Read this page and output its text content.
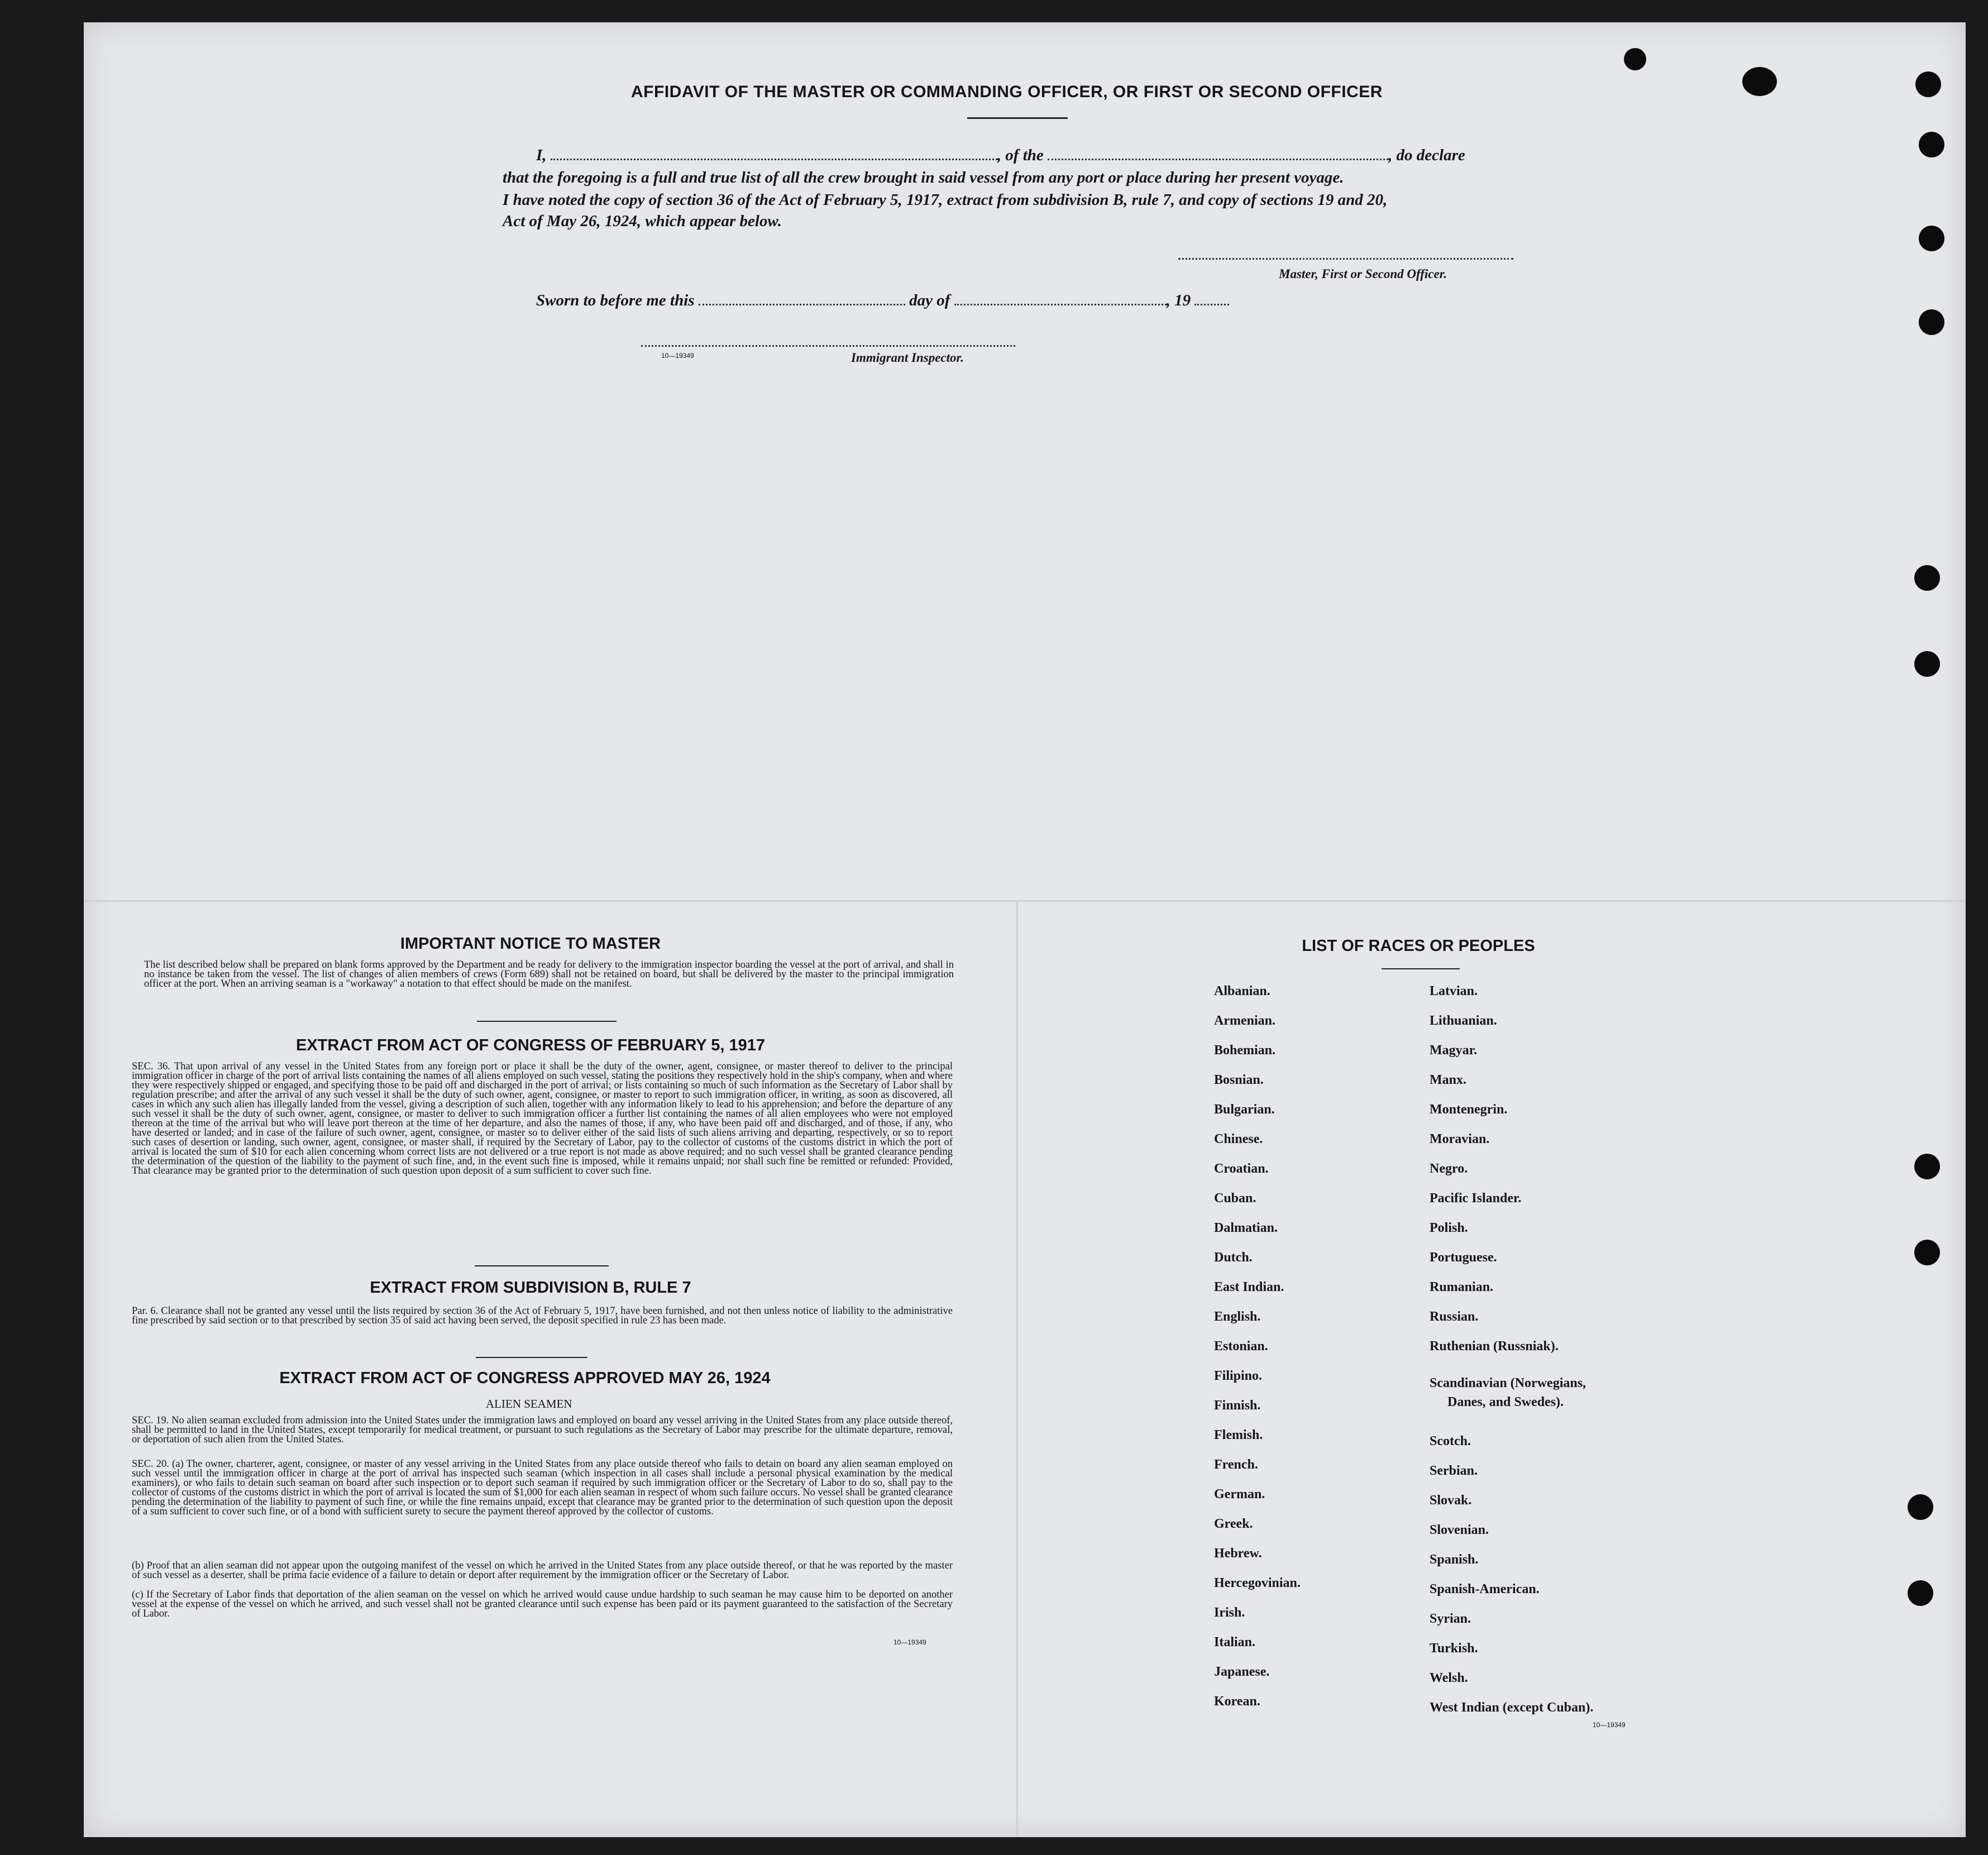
AFFIDAVIT OF THE MASTER OR COMMANDING OFFICER, OR FIRST OR SECOND OFFICER
I,	, of the	, do declare
that the foregoing is a full and true list of all the crew brought in said vessel from any port or place during her present voyage.
I have noted the copy of section 36 of the Act of February 5, 1917, extract from subdivision B, rule 7, and copy of sections 19 and 20,
Act of May 26, 1924, which appear below.
Master, First or Second Officer.
Sworn to before me this	day of	, 19
10—19349	Immigrant Inspector.
IMPORTANT NOTICE TO MASTER
The list described below shall be prepared on blank forms approved by the Department and be ready for delivery to the immigration inspector boarding the vessel at the port of arrival, and shall in no instance be taken from the vessel. The list of changes of alien members of crews (Form 689) shall not be retained on board, but shall be delivered by the master to the principal immigration officer at the port. When an arriving seaman is a "workaway" a notation to that effect should be made on the manifest.
EXTRACT FROM ACT OF CONGRESS OF FEBRUARY 5, 1917
SEC. 36. That upon arrival of any vessel in the United States from any foreign port or place it shall be the duty of the owner, agent, consignee, or master thereof to deliver to the principal immigration officer in charge of the port of arrival lists containing the names of all aliens employed on such vessel, stating the positions they respectively hold in the ship's company, when and where they were respectively shipped or engaged, and specifying those to be paid off and discharged in the port of arrival; or lists containing so much of such information as the Secretary of Labor shall by regulation prescribe; and after the arrival of any such vessel it shall be the duty of such owner, agent, consignee, or master to report to such immigration officer, in writing, as soon as discovered, all cases in which any such alien has illegally landed from the vessel, giving a description of such alien, together with any information likely to lead to his apprehension; and before the departure of any such vessel it shall be the duty of such owner, agent, consignee, or master to deliver to such immigration officer a further list containing the names of all alien employees who were not employed thereon at the time of the arrival but who will leave port thereon at the time of her departure, and also the names of those, if any, who have been paid off and discharged, and of those, if any, who have deserted or landed; and in case of the failure of such owner, agent, consignee, or master so to deliver either of the said lists of such aliens arriving and departing, respectively, or so to report such cases of desertion or landing, such owner, agent, consignee, or master shall, if required by the Secretary of Labor, pay to the collector of customs of the customs district in which the port of arrival is located the sum of $10 for each alien concerning whom correct lists are not delivered or a true report is not made as above required; and no such vessel shall be granted clearance pending the determination of the question of the liability to the payment of such fine, and, in the event such fine is imposed, while it remains unpaid; nor shall such fine be remitted or refunded: Provided, That clearance may be granted prior to the determination of such question upon deposit of a sum sufficient to cover such fine.
EXTRACT FROM SUBDIVISION B, RULE 7
Par. 6. Clearance shall not be granted any vessel until the lists required by section 36 of the Act of February 5, 1917, have been furnished, and not then unless notice of liability to the administrative fine prescribed by said section or to that prescribed by section 35 of said act having been served, the deposit specified in rule 23 has been made.
EXTRACT FROM ACT OF CONGRESS APPROVED MAY 26, 1924
ALIEN SEAMEN
SEC. 19. No alien seaman excluded from admission into the United States under the immigration laws and employed on board any vessel arriving in the United States from any place outside thereof, shall be permitted to land in the United States, except temporarily for medical treatment, or pursuant to such regulations as the Secretary of Labor may prescribe for the ultimate departure, removal, or deportation of such alien from the United States.
SEC. 20. (a) The owner, charterer, agent, consignee, or master of any vessel arriving in the United States from any place outside thereof who fails to detain on board any alien seaman employed on such vessel until the immigration officer in charge at the port of arrival has inspected such seaman (which inspection in all cases shall include a personal physical examination by the medical examiners), or who fails to detain such seaman on board after such inspection or to deport such seaman if required by such immigration officer or the Secretary of Labor to do so, shall pay to the collector of customs of the customs district in which the port of arrival is located the sum of $1,000 for each alien seaman in respect of whom such failure occurs. No vessel shall be granted clearance pending the determination of the liability to payment of such fine, or while the fine remains unpaid, except that clearance may be granted prior to the determination of such question upon the deposit of a sum sufficient to cover such fine, or of a bond with sufficient surety to secure the payment thereof approved by the collector of customs.
(b) Proof that an alien seaman did not appear upon the outgoing manifest of the vessel on which he arrived in the United States from any place outside thereof, or that he was reported by the master of such vessel as a deserter, shall be prima facie evidence of a failure to detain or deport after requirement by the immigration officer or the Secretary of Labor.
(c) If the Secretary of Labor finds that deportation of the alien seaman on the vessel on which he arrived would cause undue hardship to such seaman he may cause him to be deported on another vessel at the expense of the vessel on which he arrived, and such vessel shall not be granted clearance until such expense has been paid or its payment guaranteed to the satisfaction of the Secretary of Labor.
10—19349
LIST OF RACES OR PEOPLES
Albanian.
Armenian.
Bohemian.
Bosnian.
Bulgarian.
Chinese.
Croatian.
Cuban.
Dalmatian.
Dutch.
East Indian.
English.
Estonian.
Filipino.
Finnish.
Flemish.
French.
German.
Greek.
Hebrew.
Hercegovinian.
Irish.
Italian.
Japanese.
Korean.
Latvian.
Lithuanian.
Magyar.
Manx.
Montenegrin.
Moravian.
Negro.
Pacific Islander.
Polish.
Portuguese.
Rumanian.
Russian.
Ruthenian (Russniak).
Scandinavian (Norwegians,
Danes, and Swedes).
Scotch.
Serbian.
Slovak.
Slovenian.
Spanish.
Spanish-American.
Syrian.
Turkish.
Welsh.
West Indian (except Cuban).
10—19349
